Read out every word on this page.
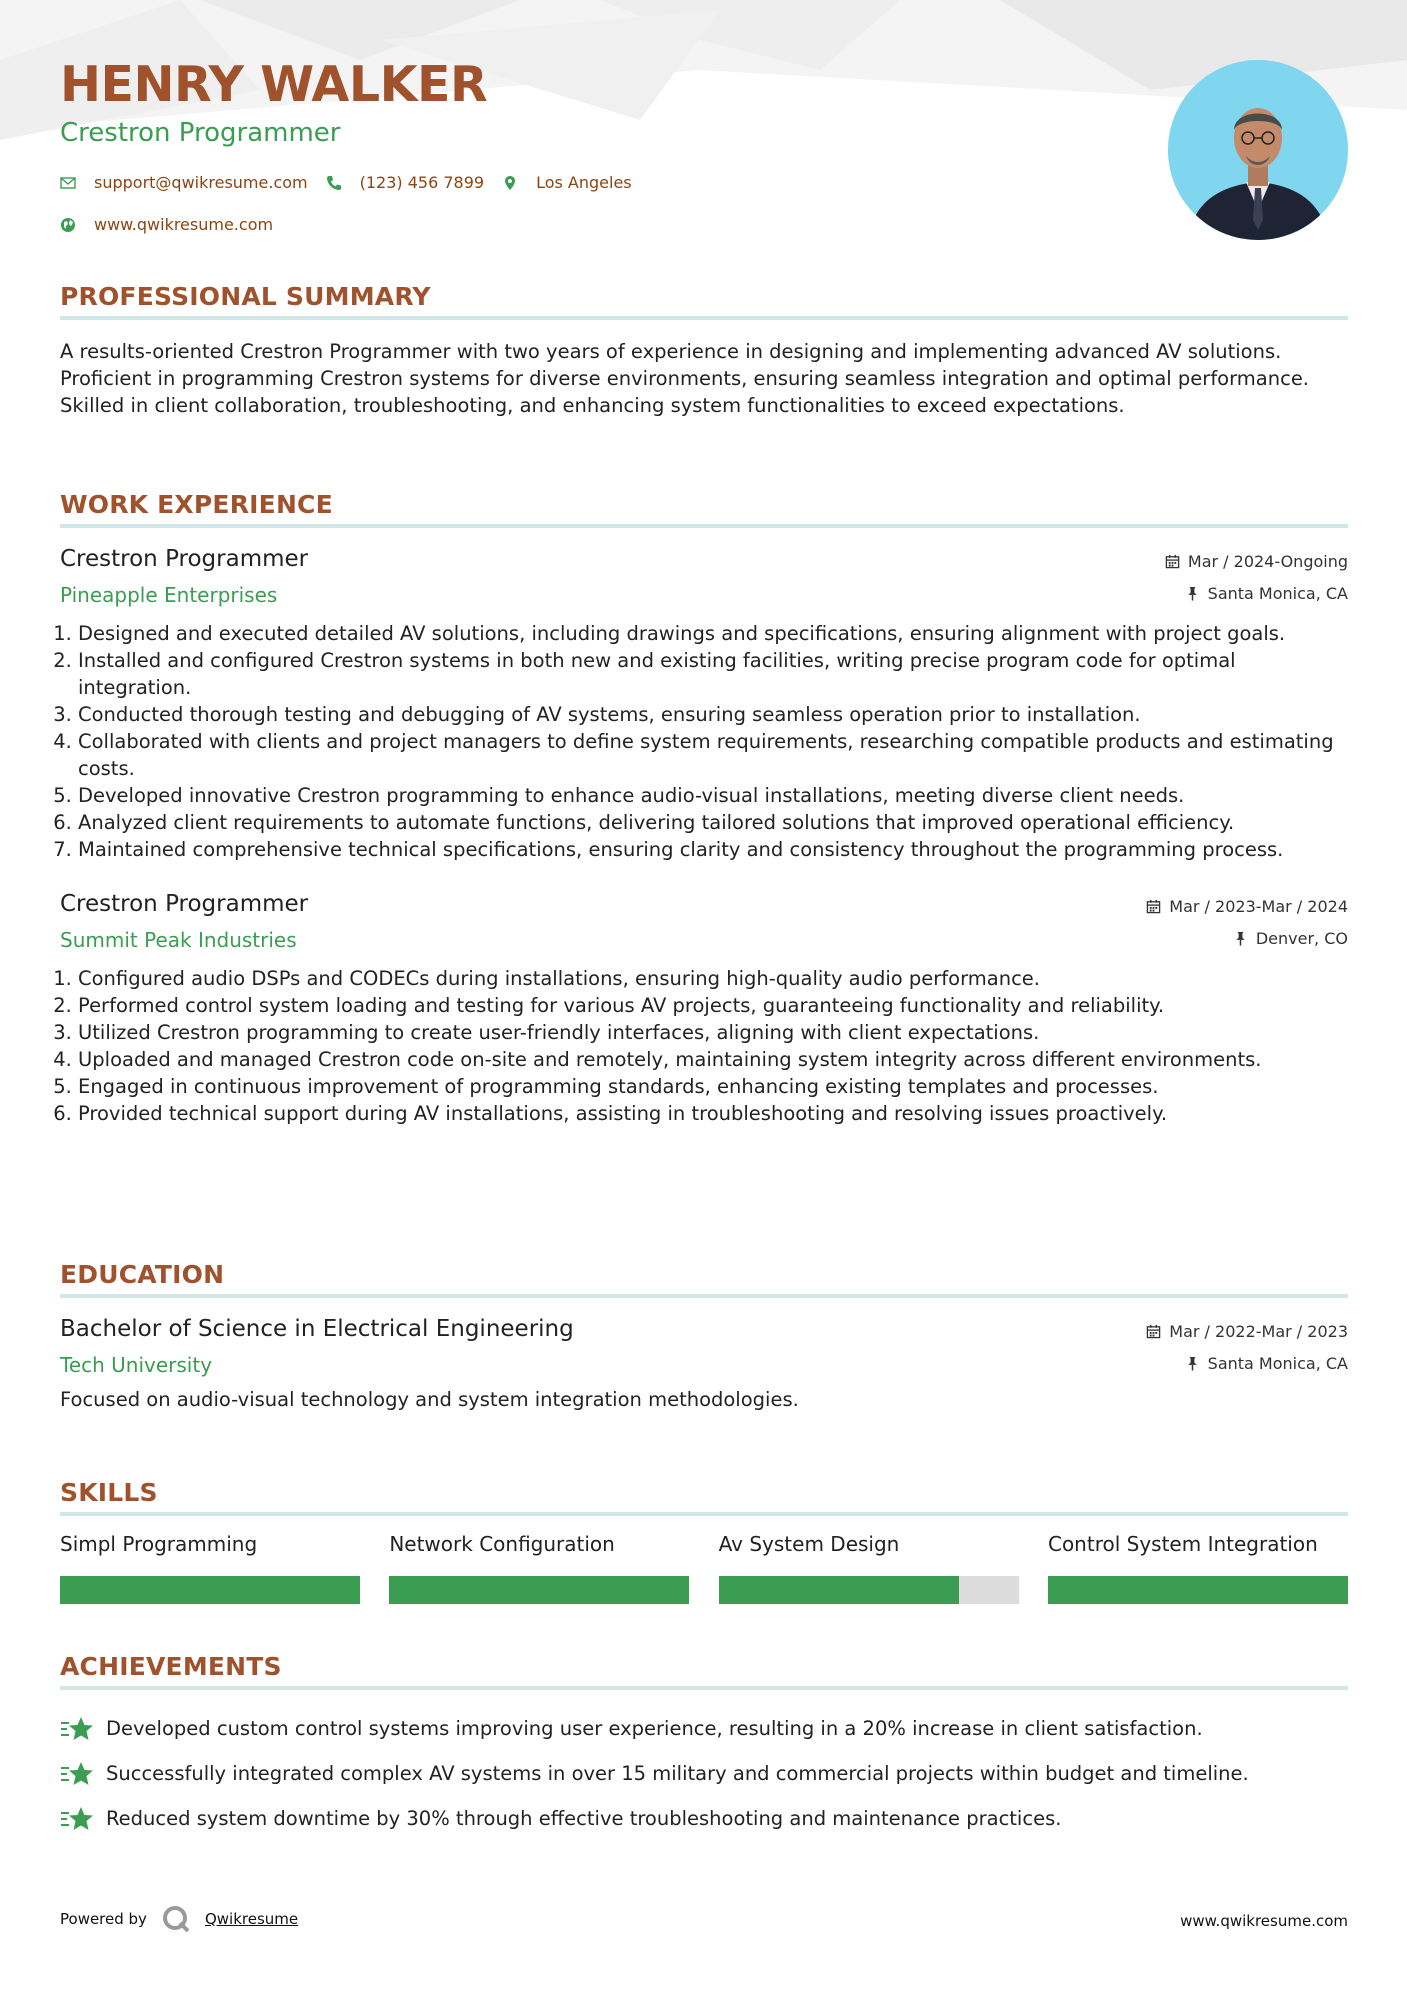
HENRY WALKER
Crestron Programmer
support@qwikresume.com	(123) 456 7899	Los Angeles
www.qwikresume.com
PROFESSIONAL SUMMARY
A results-oriented Crestron Programmer with two years of experience in designing and implementing advanced AV solutions. Proficient in programming Crestron systems for diverse environments, ensuring seamless integration and optimal performance. Skilled in client collaboration, troubleshooting, and enhancing system functionalities to exceed expectations.
WORK EXPERIENCE
Crestron Programmer
Pineapple Enterprises
Mar / 2024-Ongoing
Santa Monica, CA
1. Designed and executed detailed AV solutions, including drawings and specifications, ensuring alignment with project goals.
2. Installed and configured Crestron systems in both new and existing facilities, writing precise program code for optimal integration.
3. Conducted thorough testing and debugging of AV systems, ensuring seamless operation prior to installation.
4. Collaborated with clients and project managers to define system requirements, researching compatible products and estimating costs.
5. Developed innovative Crestron programming to enhance audio-visual installations, meeting diverse client needs.
6. Analyzed client requirements to automate functions, delivering tailored solutions that improved operational efficiency.
7. Maintained comprehensive technical specifications, ensuring clarity and consistency throughout the programming process.
Crestron Programmer
Summit Peak Industries
Mar / 2023-Mar / 2024
Denver, CO
1. Configured audio DSPs and CODECs during installations, ensuring high-quality audio performance.
2. Performed control system loading and testing for various AV projects, guaranteeing functionality and reliability.
3. Utilized Crestron programming to create user-friendly interfaces, aligning with client expectations.
4. Uploaded and managed Crestron code on-site and remotely, maintaining system integrity across different environments.
5. Engaged in continuous improvement of programming standards, enhancing existing templates and processes.
6. Provided technical support during AV installations, assisting in troubleshooting and resolving issues proactively.
EDUCATION
Bachelor of Science in Electrical Engineering
Tech University
Mar / 2022-Mar / 2023
Santa Monica, CA
Focused on audio-visual technology and system integration methodologies.
SKILLS
Simpl Programming	Network Configuration	Av System Design	Control System Integration
ACHIEVEMENTS
Developed custom control systems improving user experience, resulting in a 20% increase in client satisfaction.
Successfully integrated complex AV systems in over 15 military and commercial projects within budget and timeline.
Reduced system downtime by 30% through effective troubleshooting and maintenance practices.
Powered by	Qwikresume	www.qwikresume.com
